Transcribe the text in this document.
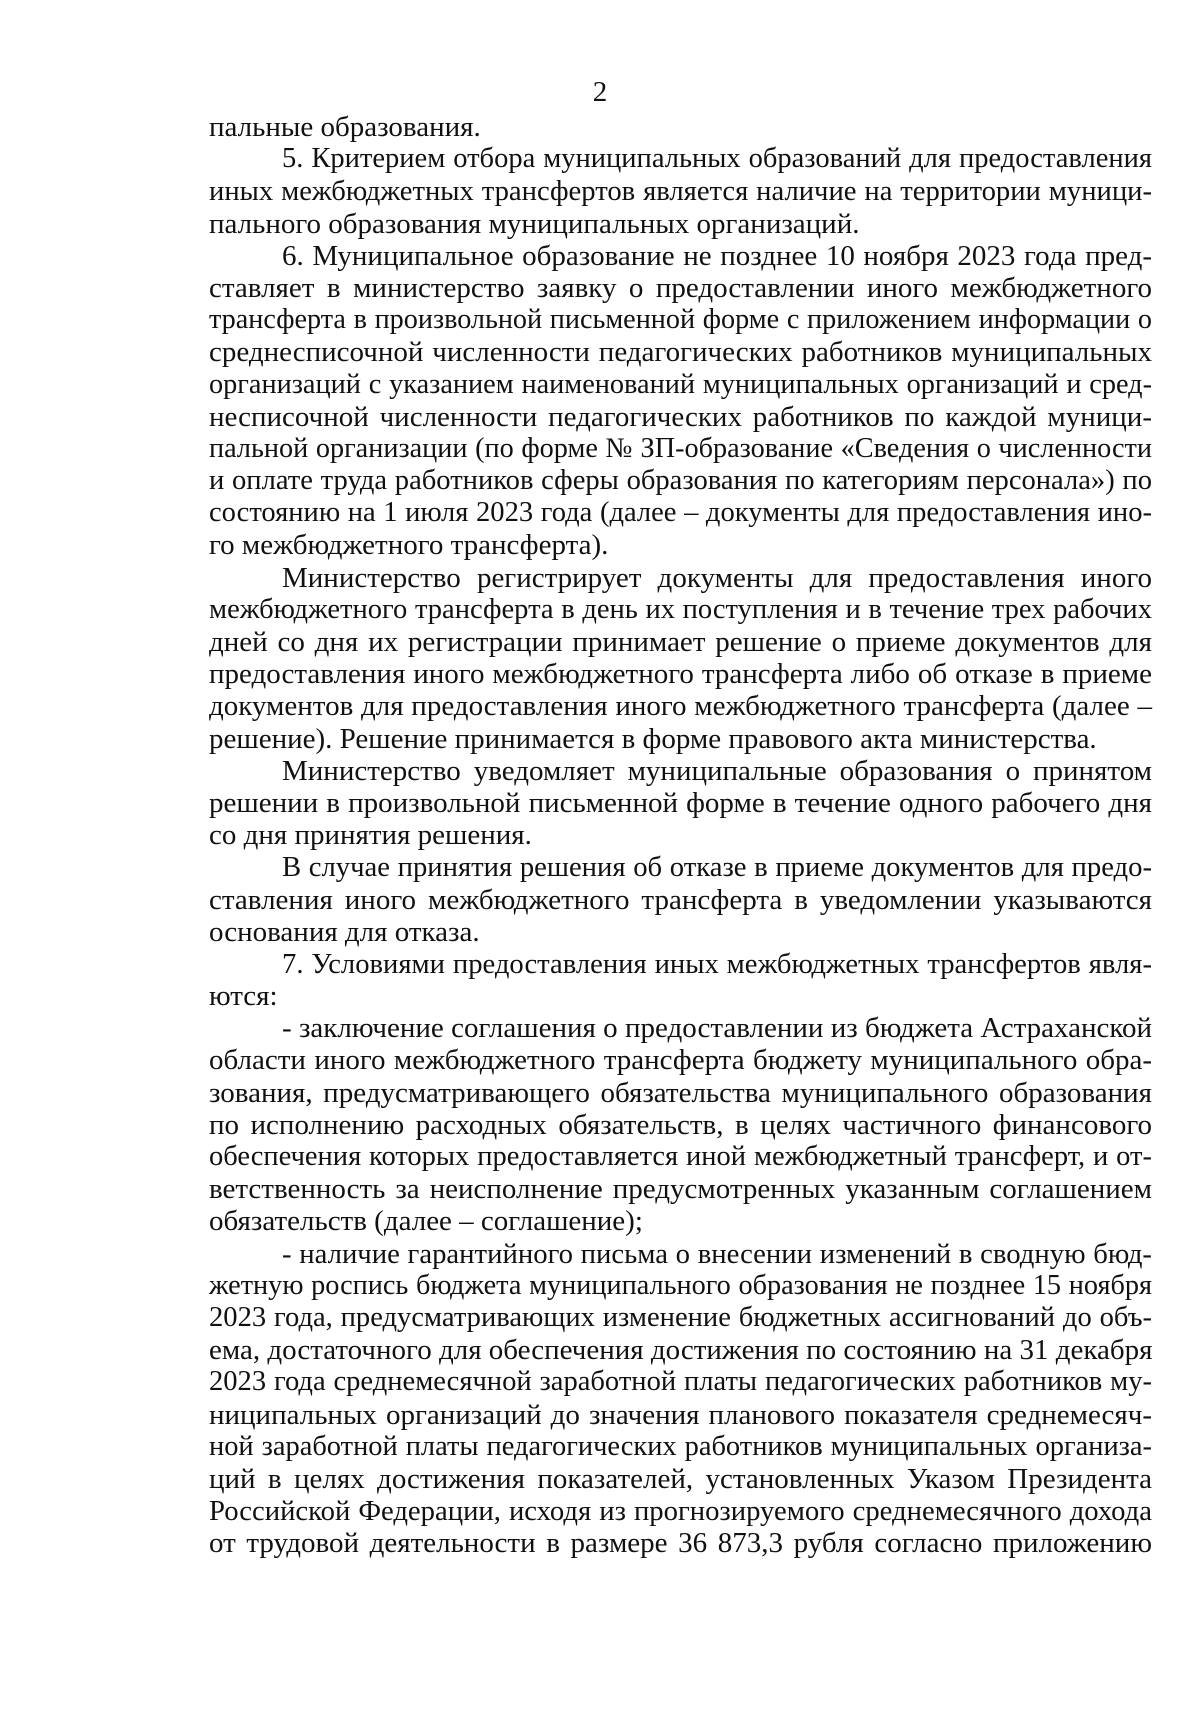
2
пальные образования.
5. Критерием отбора муниципальных образований для предоставления
иных межбюджетных трансфертов является наличие на территории муници-
пального образования муниципальных организаций.
6. Муниципальное образование не позднее 10 ноября 2023 года пред-
ставляет в министерство заявку о предоставлении иного межбюджетного
трансферта в произвольной письменной форме с приложением информации о
среднесписочной численности педагогических работников муниципальных
организаций с указанием наименований муниципальных организаций и сред-
несписочной численности педагогических работников по каждой муници-
пальной организации (по форме № ЗП-образование «Сведения о численности
и оплате труда работников сферы образования по категориям персонала») по
состоянию на 1 июля 2023 года (далее – документы для предоставления ино-
го межбюджетного трансферта).
Министерство регистрирует документы для предоставления иного
межбюджетного трансферта в день их поступления и в течение трех рабочих
дней со дня их регистрации принимает решение о приеме документов для
предоставления иного межбюджетного трансферта либо об отказе в приеме
документов для предоставления иного межбюджетного трансферта (далее –
решение). Решение принимается в форме правового акта министерства.
Министерство уведомляет муниципальные образования о принятом
решении в произвольной письменной форме в течение одного рабочего дня
со дня принятия решения.
В случае принятия решения об отказе в приеме документов для предо-
ставления иного межбюджетного трансферта в уведомлении указываются
основания для отказа.
7. Условиями предоставления иных межбюджетных трансфертов явля-
ются:
- заключение соглашения о предоставлении из бюджета Астраханской
области иного межбюджетного трансферта бюджету муниципального обра-
зования, предусматривающего обязательства муниципального образования
по исполнению расходных обязательств, в целях частичного финансового
обеспечения которых предоставляется иной межбюджетный трансферт, и от-
ветственность за неисполнение предусмотренных указанным соглашением
обязательств (далее – соглашение);
- наличие гарантийного письма о внесении изменений в сводную бюд-
жетную роспись бюджета муниципального образования не позднее 15 ноября
2023 года, предусматривающих изменение бюджетных ассигнований до объ-
ема, достаточного для обеспечения достижения по состоянию на 31 декабря
2023 года среднемесячной заработной платы педагогических работников му-
ниципальных организаций до значения планового показателя среднемесяч-
ной заработной платы педагогических работников муниципальных организа-
ций в целях достижения показателей, установленных Указом Президента
Российской Федерации, исходя из прогнозируемого среднемесячного дохода
от трудовой деятельности в размере 36 873,3 рубля согласно приложению
